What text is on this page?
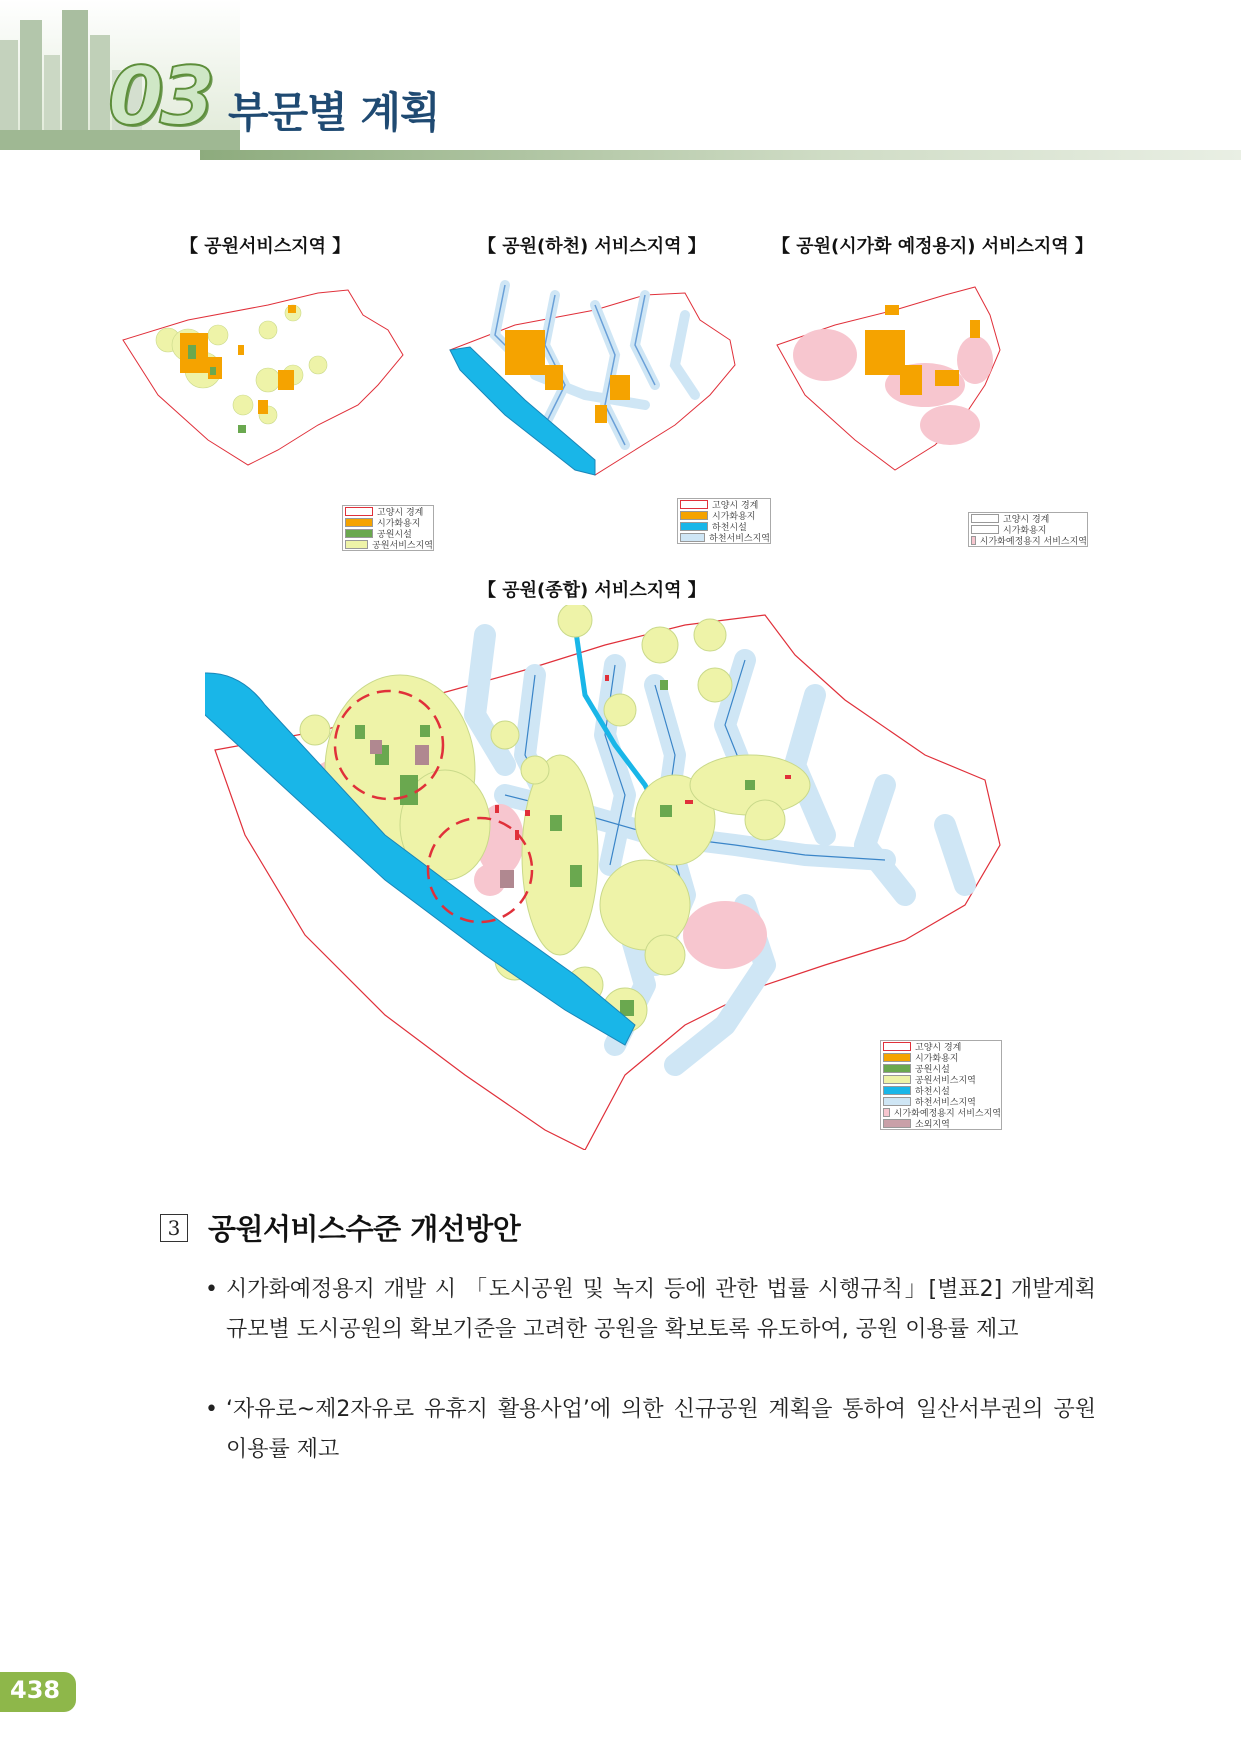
03 부문별 계획
【 공원서비스지역 】
고양시 경계
시가화용지
공원시설
공원서비스지역
【 공원(하천) 서비스지역 】
고양시 경계
시가화용지
하천시설
하천서비스지역
【 공원(시가화 예정용지) 서비스지역 】
고양시 경계
시가화용지
시가화예정용지 서비스지역
【 공원(종합) 서비스지역 】
고양시 경계
시가화용지
공원시설
공원서비스지역
하천시설
하천서비스지역
시가화예정용지 서비스지역
소외지역
3 공원서비스수준 개선방안
• 시가화예정용지 개발 시 「도시공원 및 녹지 등에 관한 법률 시행규칙」[별표2] 개발계획 규모별 도시공원의 확보기준을 고려한 공원을 확보토록 유도하여, 공원 이용률 제고
• ‘자유로~제2자유로 유휴지 활용사업’에 의한 신규공원 계획을 통하여 일산서부권의 공원 이용률 제고
438
